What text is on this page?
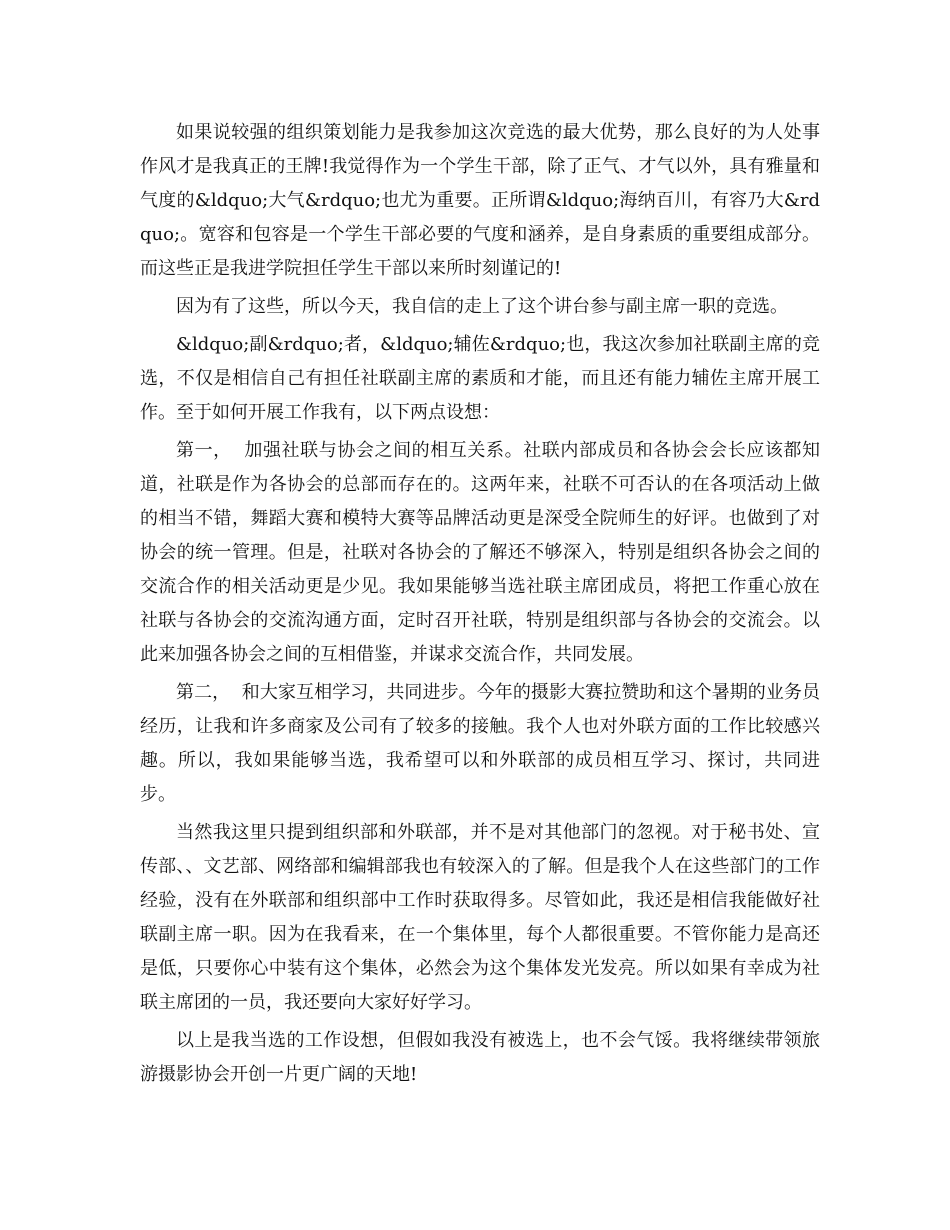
如果说较强的组织策划能力是我参加这次竞选的最大优势，那么良好的为人处事作风才是我真正的王牌!我觉得作为一个学生干部，除了正气、才气以外，具有雅量和气度的&ldquo;大气&rdquo;也尤为重要。正所谓&ldquo;海纳百川，有容乃大&rdquo;。宽容和包容是一个学生干部必要的气度和涵养，是自身素质的重要组成部分。而这些正是我进学院担任学生干部以来所时刻谨记的!

因为有了这些，所以今天，我自信的走上了这个讲台参与副主席一职的竞选。

&ldquo;副&rdquo;者，&ldquo;辅佐&rdquo;也，我这次参加社联副主席的竞选，不仅是相信自己有担任社联副主席的素质和才能，而且还有能力辅佐主席开展工作。至于如何开展工作我有，以下两点设想：

第一，  加强社联与协会之间的相互关系。社联内部成员和各协会会长应该都知道，社联是作为各协会的总部而存在的。这两年来，社联不可否认的在各项活动上做的相当不错，舞蹈大赛和模特大赛等品牌活动更是深受全院师生的好评。也做到了对协会的统一管理。但是，社联对各协会的了解还不够深入，特别是组织各协会之间的交流合作的相关活动更是少见。我如果能够当选社联主席团成员，将把工作重心放在社联与各协会的交流沟通方面，定时召开社联，特别是组织部与各协会的交流会。以此来加强各协会之间的互相借鉴，并谋求交流合作，共同发展。

第二，  和大家互相学习，共同进步。今年的摄影大赛拉赞助和这个暑期的业务员经历，让我和许多商家及公司有了较多的接触。我个人也对外联方面的工作比较感兴趣。所以，我如果能够当选，我希望可以和外联部的成员相互学习、探讨，共同进步。

当然我这里只提到组织部和外联部，并不是对其他部门的忽视。对于秘书处、宣传部、、文艺部、网络部和编辑部我也有较深入的了解。但是我个人在这些部门的工作经验，没有在外联部和组织部中工作时获取得多。尽管如此，我还是相信我能做好社联副主席一职。因为在我看来，在一个集体里，每个人都很重要。不管你能力是高还是低，只要你心中装有这个集体，必然会为这个集体发光发亮。所以如果有幸成为社联主席团的一员，我还要向大家好好学习。

以上是我当选的工作设想，但假如我没有被选上，也不会气馁。我将继续带领旅游摄影协会开创一片更广阔的天地!
